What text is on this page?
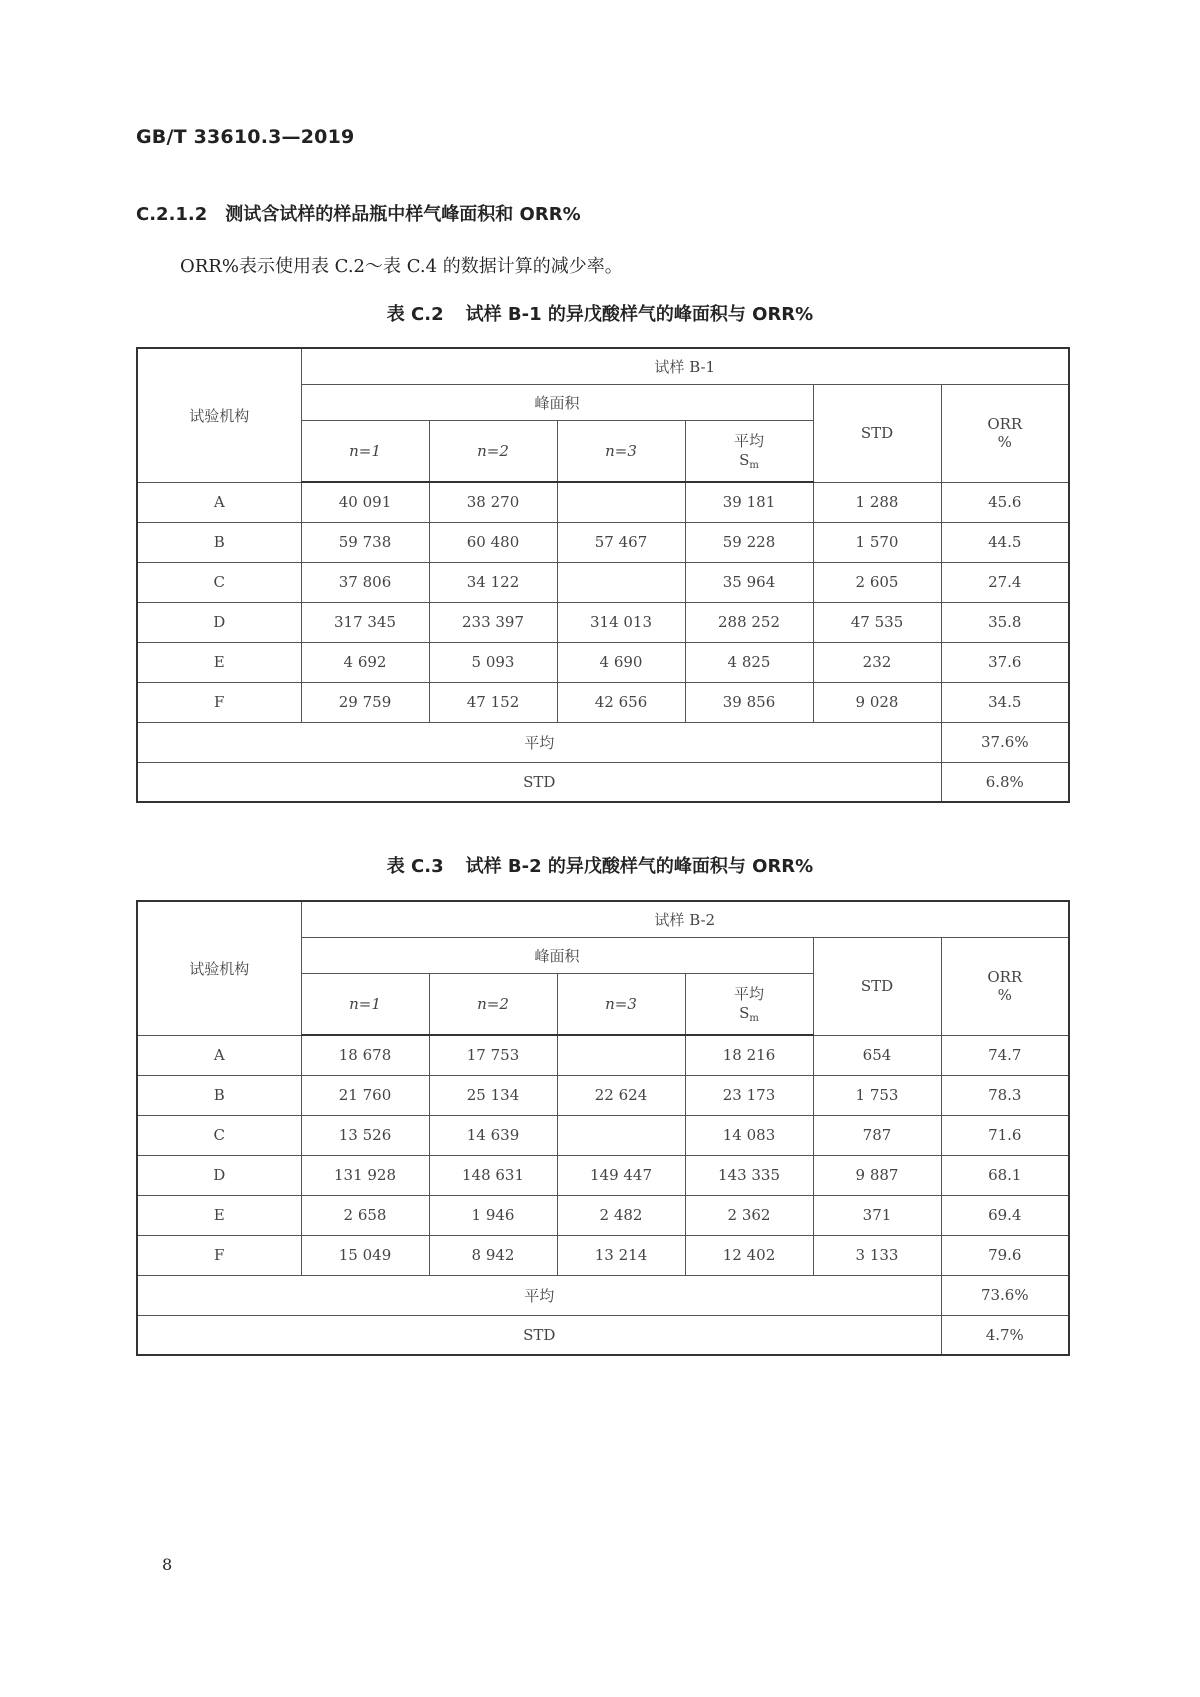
GB/T 33610.3—2019
C.2.1.2 测试含试样的样品瓶中样气峰面积和 ORR%
ORR%表示使用表 C.2～表 C.4 的数据计算的减少率。
表 C.2 试样 B-1 的异戊酸样气的峰面积与 ORR%
试验机构	试样 B-1					
	峰面积				STD	ORR
%

	n=1	n=2	n=3	平均
$S_m$

A	40 091	38 270		39 181	1 288	45.6
B	59 738	60 480	57 467	59 228	1 570	44.5
C	37 806	34 122		35 964	2 605	27.4
D	317 345	233 397	314 013	288 252	47 535	35.8
E	4 692	5 093	4 690	4 825	232	37.6
F	29 759	47 152	42 656	39 856	9 028	34.5
平均						37.6%
STD						6.8%
表 C.3 试样 B-2 的异戊酸样气的峰面积与 ORR%
试验机构	试样 B-2					
	峰面积				STD	ORR
%

	n=1	n=2	n=3	平均
$S_m$

A	18 678	17 753		18 216	654	74.7
B	21 760	25 134	22 624	23 173	1 753	78.3
C	13 526	14 639		14 083	787	71.6
D	131 928	148 631	149 447	143 335	9 887	68.1
E	2 658	1 946	2 482	2 362	371	69.4
F	15 049	8 942	13 214	12 402	3 133	79.6
平均						73.6%
STD						4.7%
8
